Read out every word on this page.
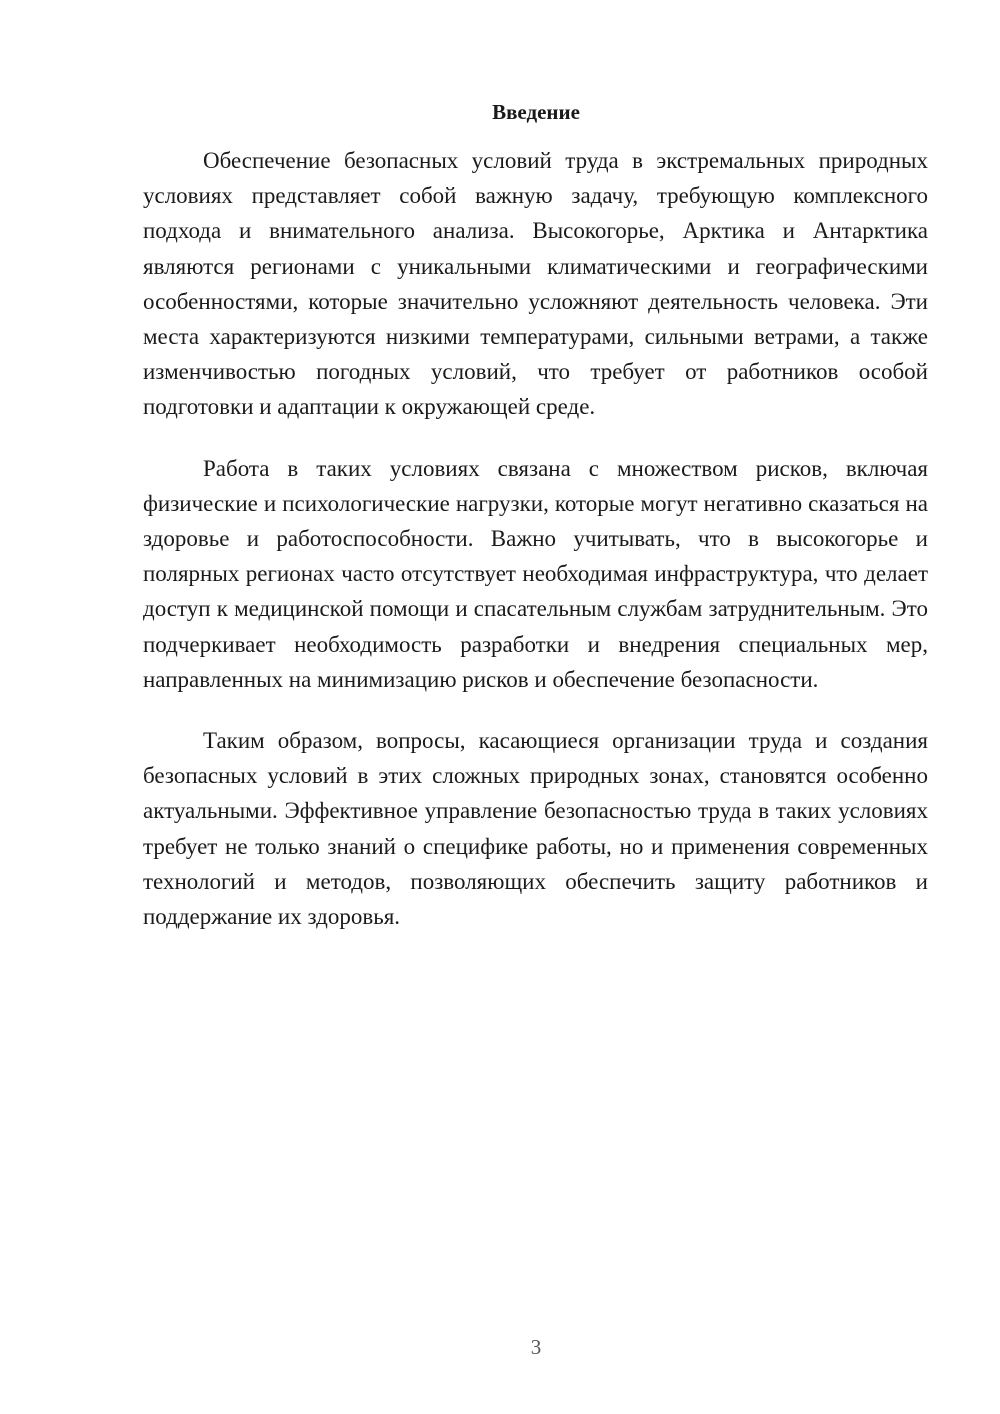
Введение

Обеспечение безопасных условий труда в экстремальных природных условиях представляет собой важную задачу, требующую комплексного подхода и внимательного анализа. Высокогорье, Арктика и Антарктика являются регионами с уникальными климатическими и географическими особенностями, которые значительно усложняют деятельность человека. Эти места характеризуются низкими температурами, сильными ветрами, а также изменчивостью погодных условий, что требует от работников особой подготовки и адаптации к окружающей среде.

Работа в таких условиях связана с множеством рисков, включая физические и психологические нагрузки, которые могут негативно сказаться на здоровье и работоспособности. Важно учитывать, что в высокогорье и полярных регионах часто отсутствует необходимая инфраструктура, что делает доступ к медицинской помощи и спасательным службам затруднительным. Это подчеркивает необходимость разработки и внедрения специальных мер, направленных на минимизацию рисков и обеспечение безопасности.

Таким образом, вопросы, касающиеся организации труда и создания безопасных условий в этих сложных природных зонах, становятся особенно актуальными. Эффективное управление безопасностью труда в таких условиях требует не только знаний о специфике работы, но и применения современных технологий и методов, позволяющих обеспечить защиту работников и поддержание их здоровья.

3
